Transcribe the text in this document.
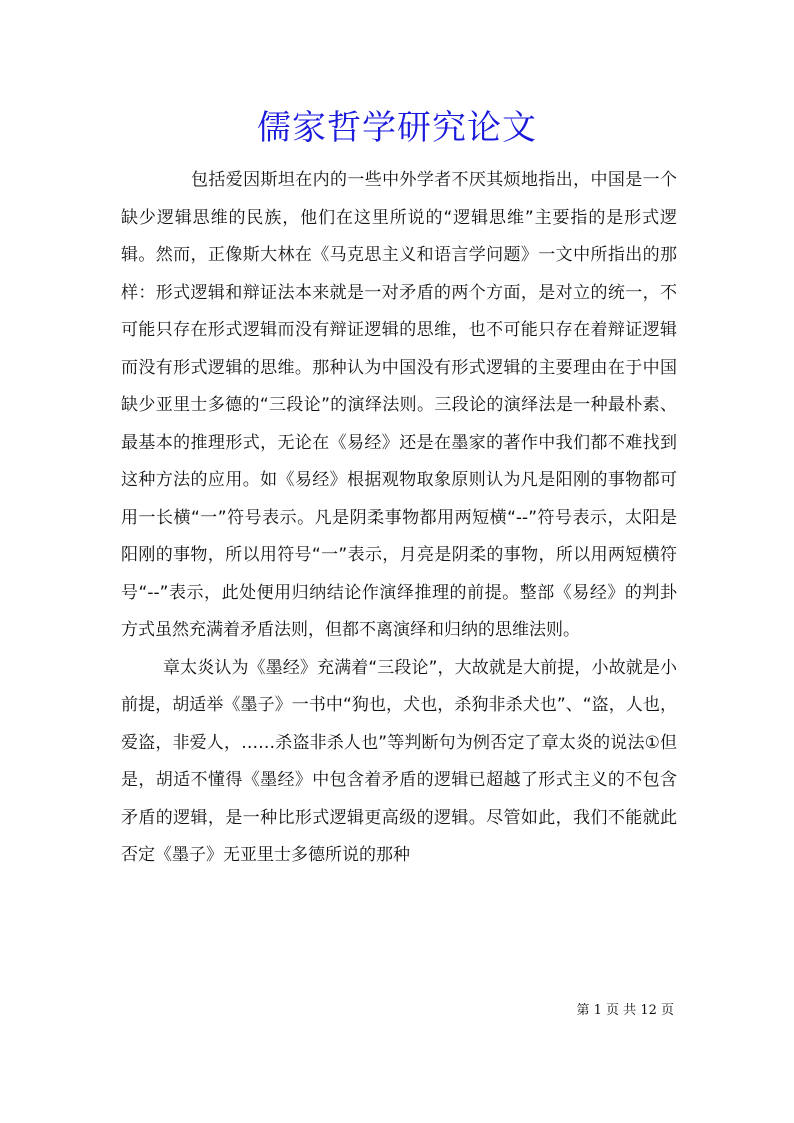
儒家哲学研究论文

包括爱因斯坦在内的一些中外学者不厌其烦地指出，中国是一个缺少逻辑思维的民族，他们在这里所说的“逻辑思维”主要指的是形式逻辑。然而，正像斯大林在《马克思主义和语言学问题》一文中所指出的那样：形式逻辑和辩证法本来就是一对矛盾的两个方面，是对立的统一，不可能只存在形式逻辑而没有辩证逻辑的思维，也不可能只存在着辩证逻辑而没有形式逻辑的思维。那种认为中国没有形式逻辑的主要理由在于中国缺少亚里士多德的“三段论”的演绎法则。三段论的演绎法是一种最朴素、最基本的推理形式，无论在《易经》还是在墨家的著作中我们都不难找到这种方法的应用。如《易经》根据观物取象原则认为凡是阳刚的事物都可用一长横“一”符号表示。凡是阴柔事物都用两短横“--”符号表示，太阳是阳刚的事物，所以用符号“一”表示，月亮是阴柔的事物，所以用两短横符号“--”表示，此处便用归纳结论作演绎推理的前提。整部《易经》的判卦方式虽然充满着矛盾法则，但都不离演绎和归纳的思维法则。

章太炎认为《墨经》充满着“三段论”，大故就是大前提，小故就是小前提，胡适举《墨子》一书中“狗也，犬也，杀狗非杀犬也”、“盗，人也，爱盗，非爱人，……杀盗非杀人也”等判断句为例否定了章太炎的说法①但是，胡适不懂得《墨经》中包含着矛盾的逻辑已超越了形式主义的不包含矛盾的逻辑，是一种比形式逻辑更高级的逻辑。尽管如此，我们不能就此否定《墨子》无亚里士多德所说的那种

第 1 页 共 12 页
